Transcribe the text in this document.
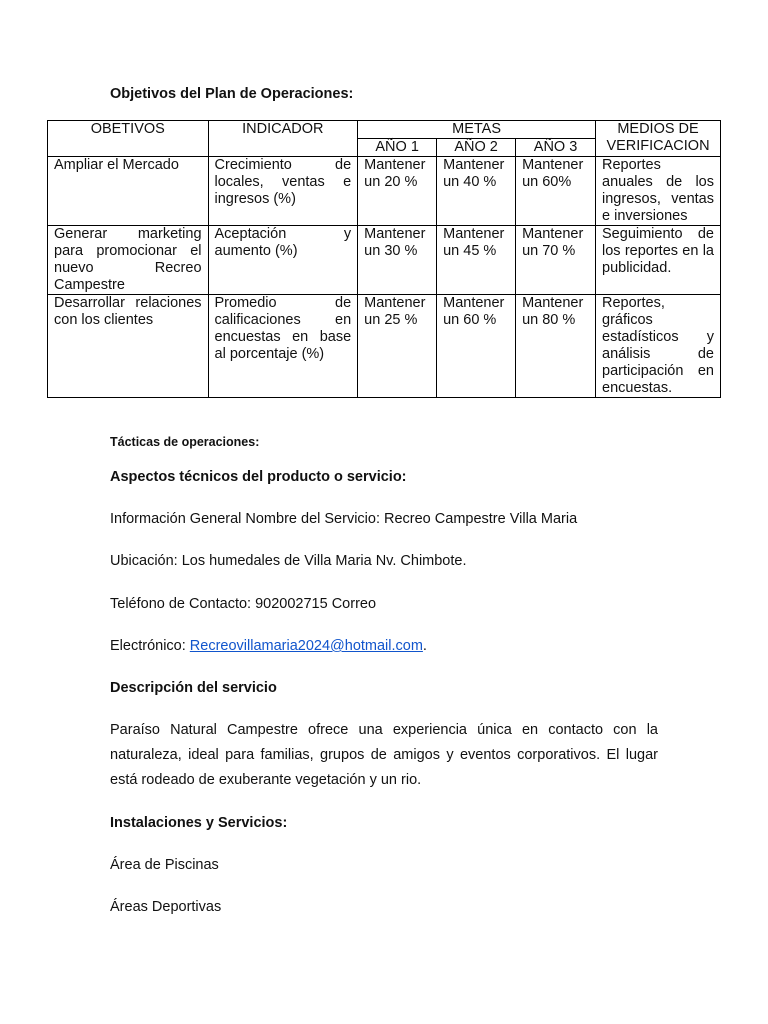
Objetivos del Plan de Operaciones:
OBETIVOS	INDICADOR	METAS			MEDIOS DE VERIFICACION
		AÑO 1	AÑO 2	AÑO 3	
Ampliar el Mercado	Crecimiento de locales, ventas e ingresos (%)	Mantener un 20 %	Mantener un 40 %	Mantener un 60%	Reportes anuales de los ingresos, ventas e inversiones
Generar marketing para promocionar el nuevo Recreo Campestre	Aceptación y aumento (%)	Mantener un 30 %	Mantener un 45 %	Mantener un 70 %	Seguimiento de los reportes en la publicidad.
Desarrollar relaciones con los clientes	Promedio de calificaciones en encuestas en base al porcentaje (%)	Mantener un 25 %	Mantener un 60 %	Mantener un 80 %	Reportes, gráficos estadísticos y análisis de participación en encuestas.
Tácticas de operaciones:
Aspectos técnicos del producto o servicio:
Información General Nombre del Servicio: Recreo Campestre Villa Maria
Ubicación: Los humedales de Villa Maria Nv. Chimbote.
Teléfono de Contacto: 902002715 Correo
Electrónico: Recreovillamaria2024@hotmail.com.
Descripción del servicio
Paraíso Natural Campestre ofrece una experiencia única en contacto con la naturaleza, ideal para familias, grupos de amigos y eventos corporativos. El lugar está rodeado de exuberante vegetación y un rio.
Instalaciones y Servicios:
Área de Piscinas
Áreas Deportivas
